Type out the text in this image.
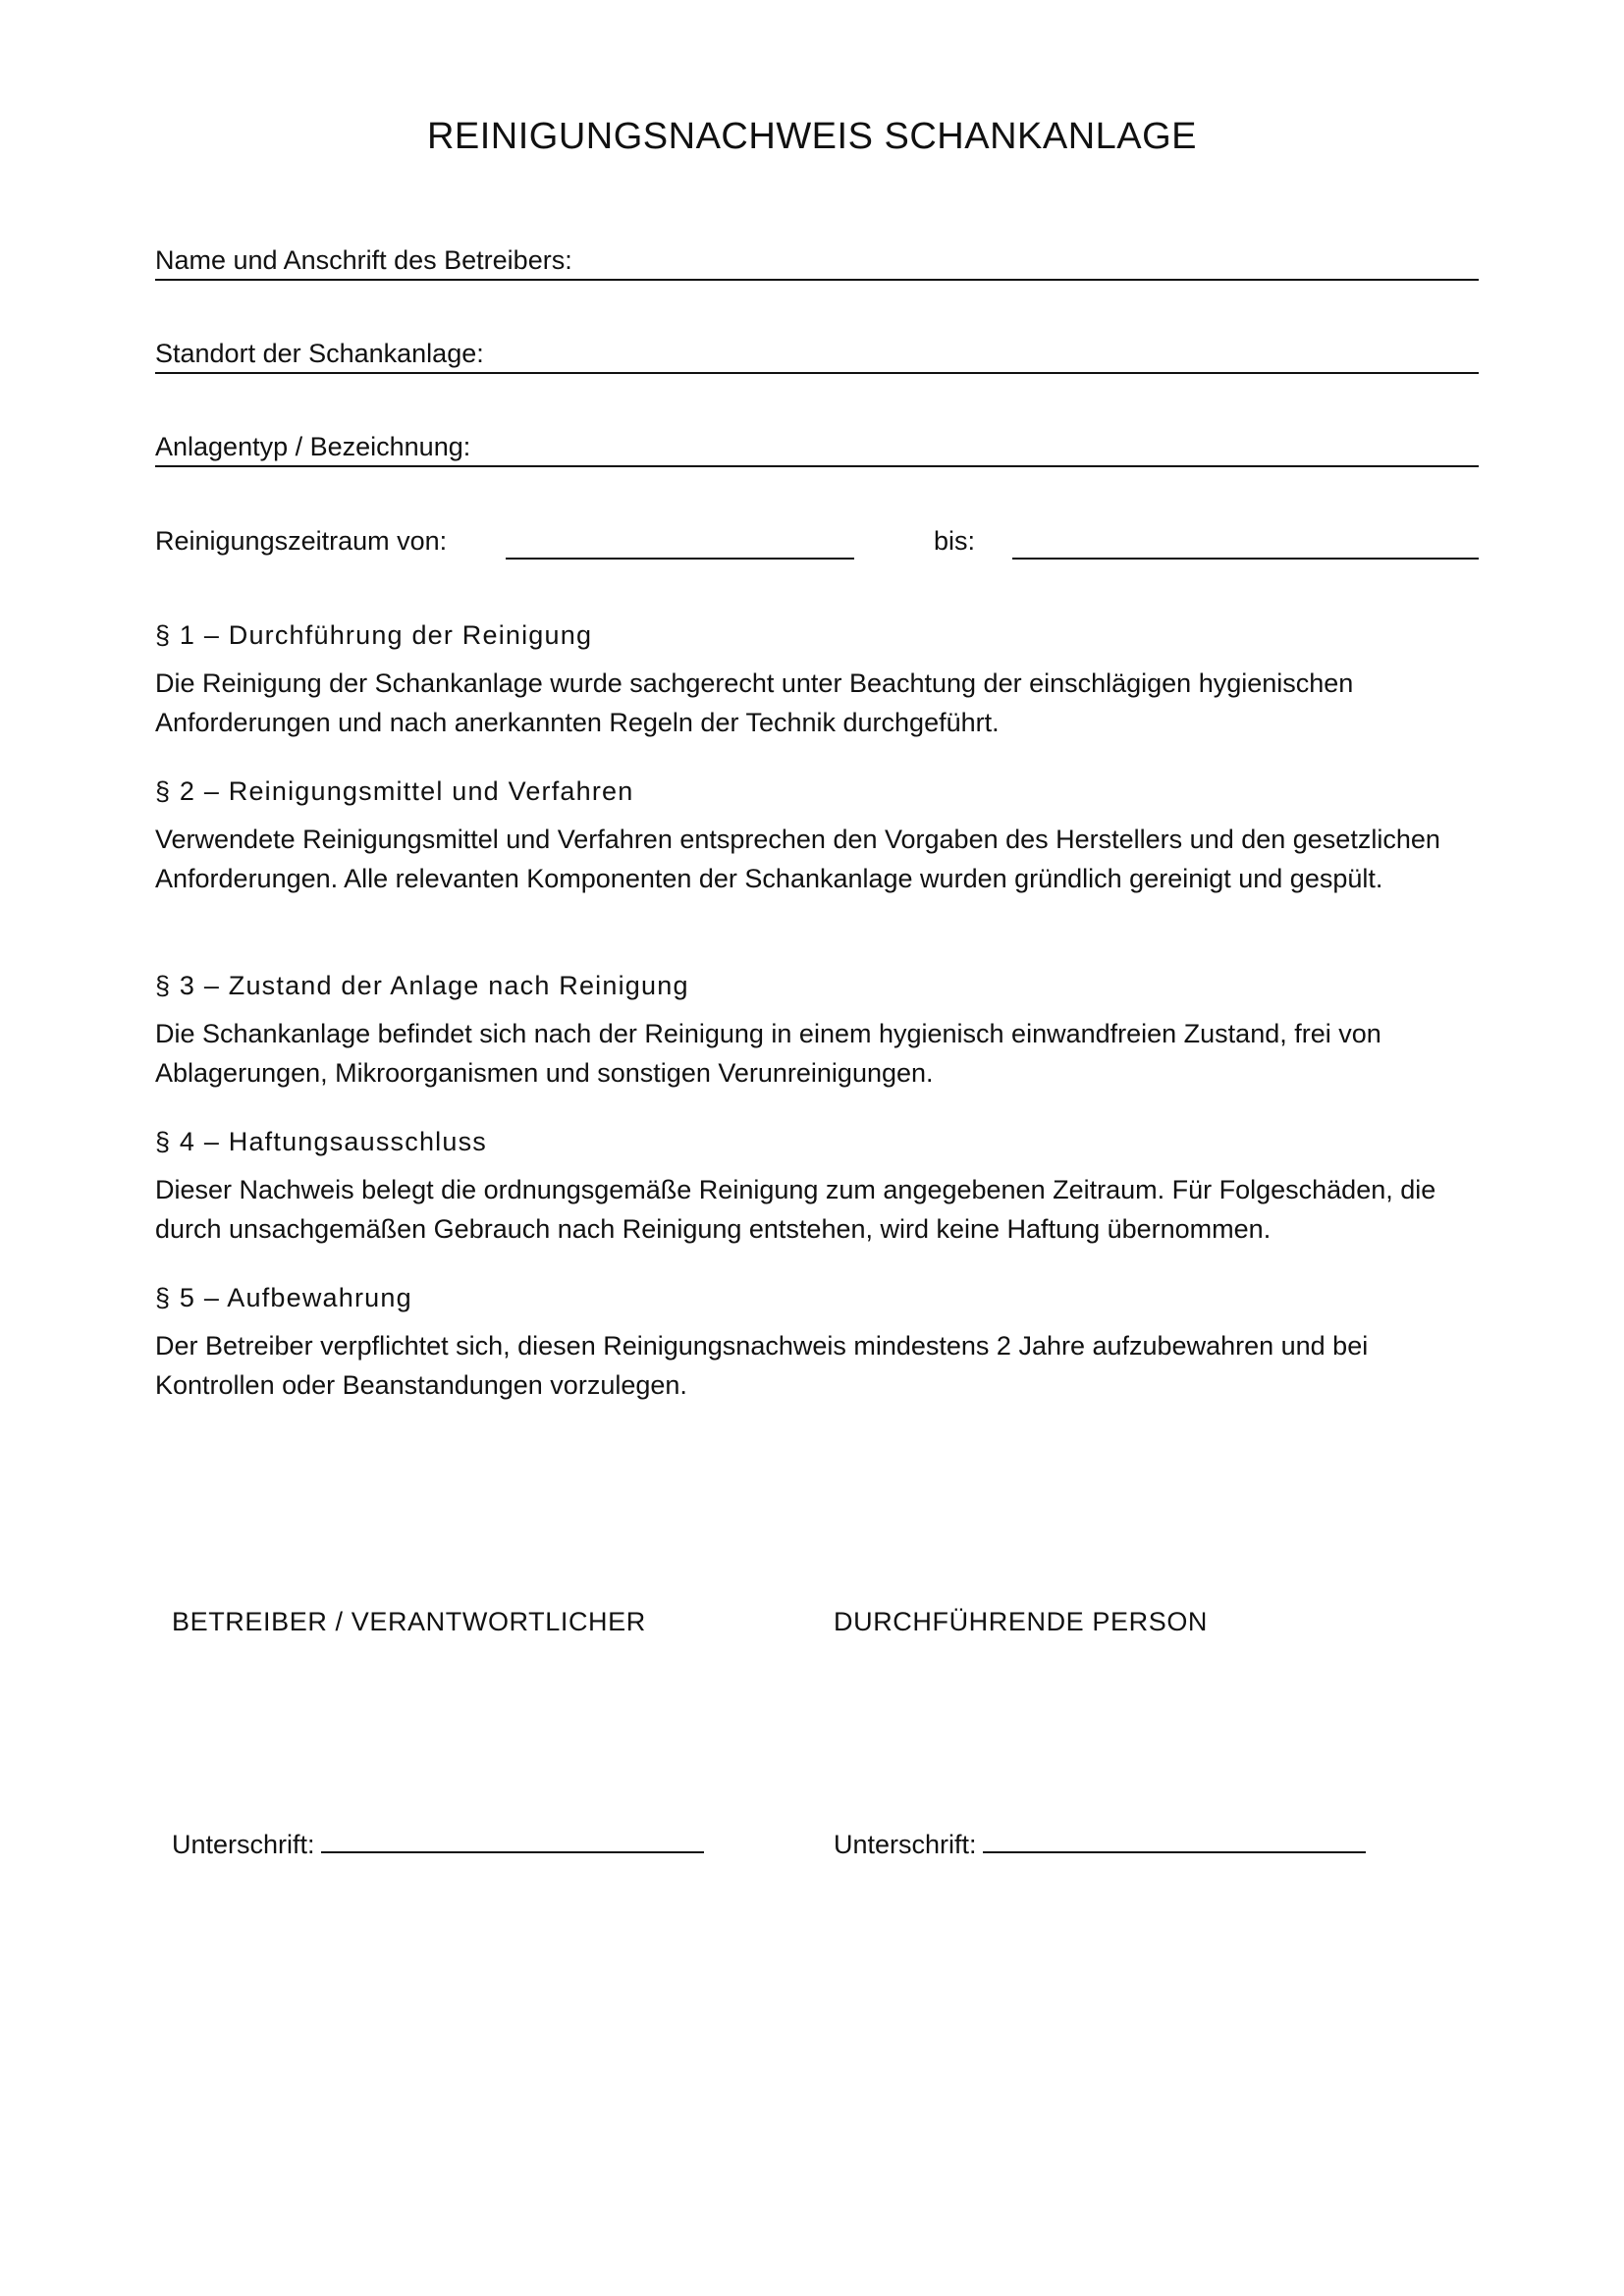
REINIGUNGSNACHWEIS SCHANKANLAGE
Name und Anschrift des Betreibers:
Standort der Schankanlage:
Anlagentyp / Bezeichnung:
Reinigungszeitraum von:	bis:
§ 1 – Durchführung der Reinigung

Die Reinigung der Schankanlage wurde sachgerecht unter Beachtung der einschlägigen hygienischen Anforderungen und nach anerkannten Regeln der Technik durchgeführt.

§ 2 – Reinigungsmittel und Verfahren

Verwendete Reinigungsmittel und Verfahren entsprechen den Vorgaben des Herstellers und den gesetzlichen Anforderungen. Alle relevanten Komponenten der Schankanlage wurden gründlich gereinigt und gespült.

§ 3 – Zustand der Anlage nach Reinigung

Die Schankanlage befindet sich nach der Reinigung in einem hygienisch einwandfreien Zustand, frei von Ablagerungen, Mikroorganismen und sonstigen Verunreinigungen.

§ 4 – Haftungsausschluss

Dieser Nachweis belegt die ordnungsgemäße Reinigung zum angegebenen Zeitraum. Für Folgeschäden, die durch unsachgemäßen Gebrauch nach Reinigung entstehen, wird keine Haftung übernommen.

§ 5 – Aufbewahrung

Der Betreiber verpflichtet sich, diesen Reinigungsnachweis mindestens 2 Jahre aufzubewahren und bei Kontrollen oder Beanstandungen vorzulegen.

BETREIBER / VERANTWORTLICHER	DURCHFÜHRENDE PERSON
Unterschrift:	Unterschrift:
